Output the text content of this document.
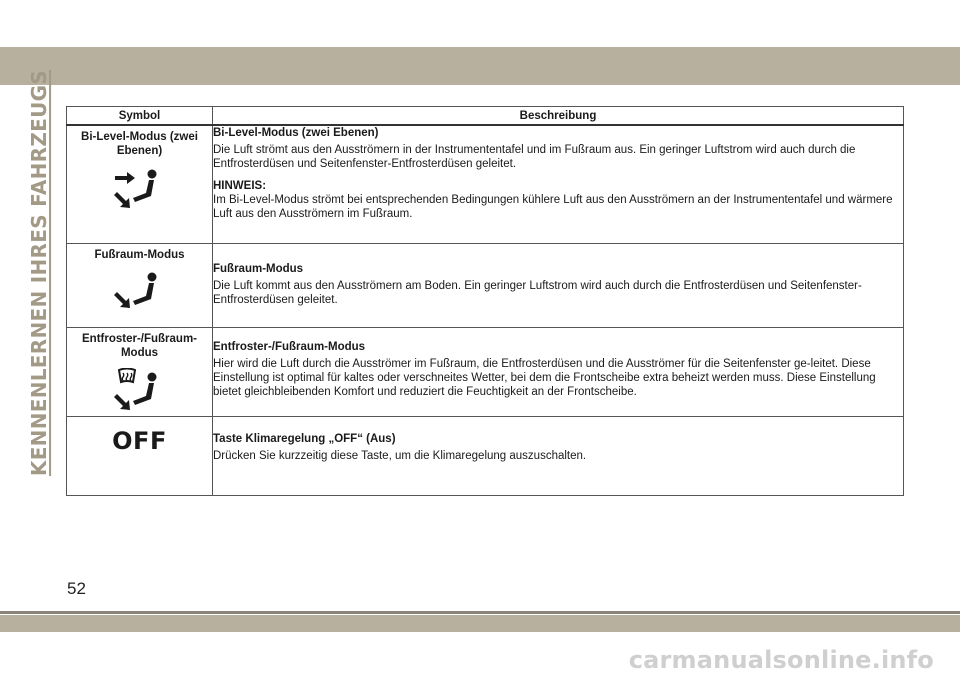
KENNENLERNEN IHRES FAHRZEUGS	Symbol	Beschreibung

Bi-Level-Modus (zwei Ebenen)	Bi-Level-Modus (zwei Ebenen)

Die Luft strömt aus den Ausströmern in der Instrumententafel und im Fußraum aus. Ein geringer Luftstrom wird auch durch die Entfrosterdüsen und Seitenfenster-Entfrosterdüsen geleitet.

HINWEIS:

Im Bi-Level-Modus strömt bei entsprechenden Bedingungen kühlere Luft aus den Ausströmern an der Instrumententafel und wärmere Luft aus den Ausströmern im Fußraum.

Fußraum-Modus	Fußraum-Modus

Die Luft kommt aus den Ausströmern am Boden. Ein geringer Luftstrom wird auch durch die Entfrosterdüsen und Seitenfenster-Entfrosterdüsen geleitet.

Entfroster-/Fußraum-Modus	Entfroster-/Fußraum-Modus

Hier wird die Luft durch die Ausströmer im Fußraum, die Entfrosterdüsen und die Ausströmer für die Seitenfenster ge-leitet. Diese Einstellung ist optimal für kaltes oder verschneites Wetter, bei dem die Frontscheibe extra beheizt werden muss. Diese Einstellung bietet gleichbleibenden Komfort und reduziert die Feuchtigkeit an der Frontscheibe.

OFF	Taste Klimaregelung „OFF“ (Aus)

Drücken Sie kurzzeitig diese Taste, um die Klimaregelung auszuschalten.

52
carmanualsonline.info
